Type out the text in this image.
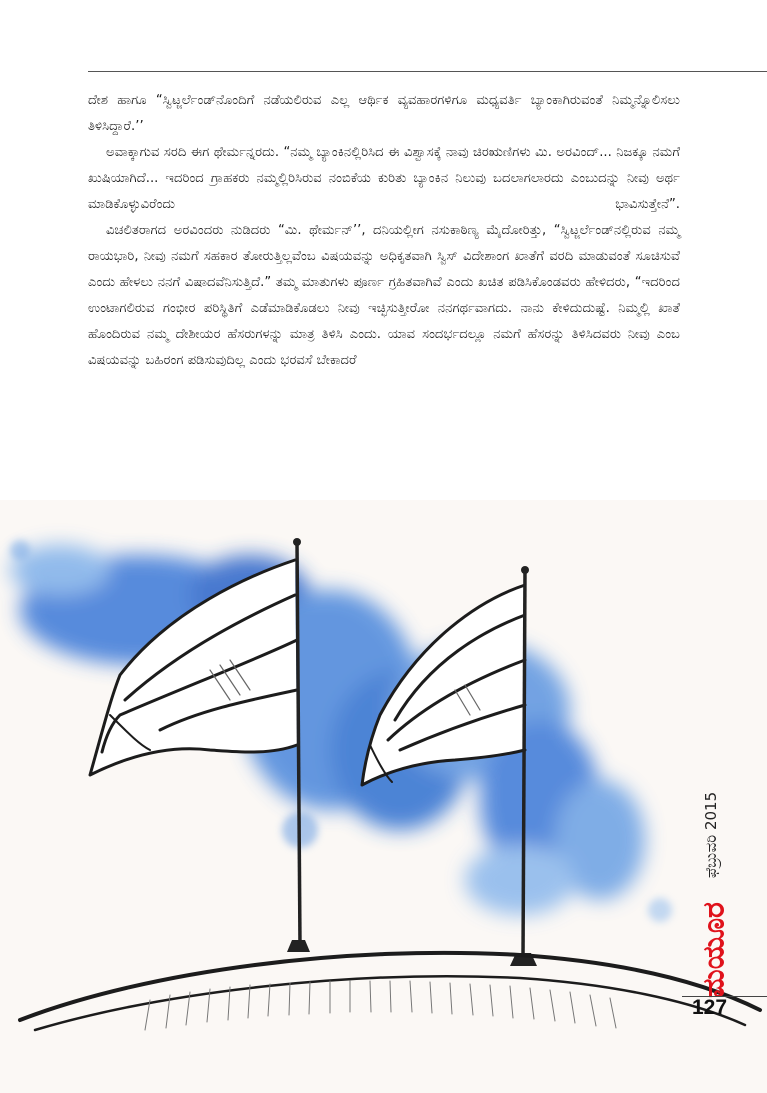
ದೇಶ ಹಾಗೂ “ಸ್ವಿಟ್ಜರ್ಲೆಂಡ್‌ನೊಂದಿಗೆ ನಡೆಯಲಿರುವ ಎಲ್ಲ ಆರ್ಥಿಕ ವ್ಯವಹಾರಗಳಿಗೂ ಮಧ್ಯವರ್ತಿ ಬ್ಯಾಂಕಾಗಿರುವಂತೆ ನಿಮ್ಮನ್ನೊಲಿಸಲು ತಿಳಿಸಿದ್ದಾರೆ.’’

ಅವಾಕ್ಕಾಗುವ ಸರದಿ ಈಗ ಥೇರ್ಮನ್ನರದು. “ನಮ್ಮ ಬ್ಯಾಂಕಿನಲ್ಲಿರಿಸಿದ ಈ ವಿಶ್ವಾಸಕ್ಕೆ ನಾವು ಚಿರಋಣಿಗಳು ಮಿ. ಅರವಿಂದ್... ನಿಜಕ್ಕೂ ನಮಗೆ ಖುಷಿಯಾಗಿದೆ... ಇದರಿಂದ ಗ್ರಾಹಕರು ನಮ್ಮಲ್ಲಿರಿಸಿರುವ ನಂಬಿಕೆಯ ಕುರಿತು ಬ್ಯಾಂಕಿನ ನಿಲುವು ಬದಲಾಗಲಾರದು ಎಂಬುದನ್ನು ನೀವು ಅರ್ಥ ಮಾಡಿಕೊಳ್ಳುವಿರೆಂದು ಭಾವಿಸುತ್ತೇನೆ”.

ವಿಚಲಿತರಾಗದ ಅರವಿಂದರು ನುಡಿದರು “ಮಿ. ಥೇರ್ಮನ್’’, ದನಿಯಲ್ಲೀಗ ನಸುಕಾಠಿಣ್ಯ ಮೈದೋರಿತ್ತು, “ಸ್ವಿಟ್ಜರ್ಲೆಂಡ್‌ನಲ್ಲಿರುವ ನಮ್ಮ ರಾಯಭಾರಿ, ನೀವು ನಮಗೆ ಸಹಕಾರ ತೋರುತ್ತಿಲ್ಲವೆಂಬ ವಿಷಯವನ್ನು ಅಧಿಕೃತವಾಗಿ ಸ್ವಿಸ್ ವಿದೇಶಾಂಗ ಖಾತೆಗೆ ವರದಿ ಮಾಡುವಂತೆ ಸೂಚಿಸುವೆ ಎಂದು ಹೇಳಲು ನನಗೆ ವಿಷಾದವೆನಿಸುತ್ತಿದೆ.” ತಮ್ಮ ಮಾತುಗಳು ಪೂರ್ಣ ಗ್ರಹಿತವಾಗಿವೆ ಎಂದು ಖಚಿತ ಪಡಿಸಿಕೊಂಡವರು ಹೇಳಿದರು, “ಇದರಿಂದ ಉಂಟಾಗಲಿರುವ ಗಂಭೀರ ಪರಿಸ್ಥಿತಿಗೆ ಎಡೆಮಾಡಿಕೊಡಲು ನೀವು ಇಚ್ಛಿಸುತ್ತೀರೋ ನನಗರ್ಥವಾಗದು. ನಾನು ಕೇಳಿದುದುಷ್ಟೆ. ನಿಮ್ಮಲ್ಲಿ ಖಾತೆ ಹೊಂದಿರುವ ನಮ್ಮ ದೇಶೀಯರ ಹೆಸರುಗಳನ್ನು ಮಾತ್ರ ತಿಳಿಸಿ ಎಂದು. ಯಾವ ಸಂದರ್ಭದಲ್ಲೂ ನಮಗೆ ಹೆಸರನ್ನು ತಿಳಿಸಿದವರು ನೀವು ಎಂಬ ವಿಷಯವನ್ನು ಬಹಿರಂಗ ಪಡಿಸುವುದಿಲ್ಲ ಎಂದು ಭರವಸೆ ಬೇಕಾದರೆ

ಫೆಬ್ರುವರಿ 2015
ಮಯೂರ
127
